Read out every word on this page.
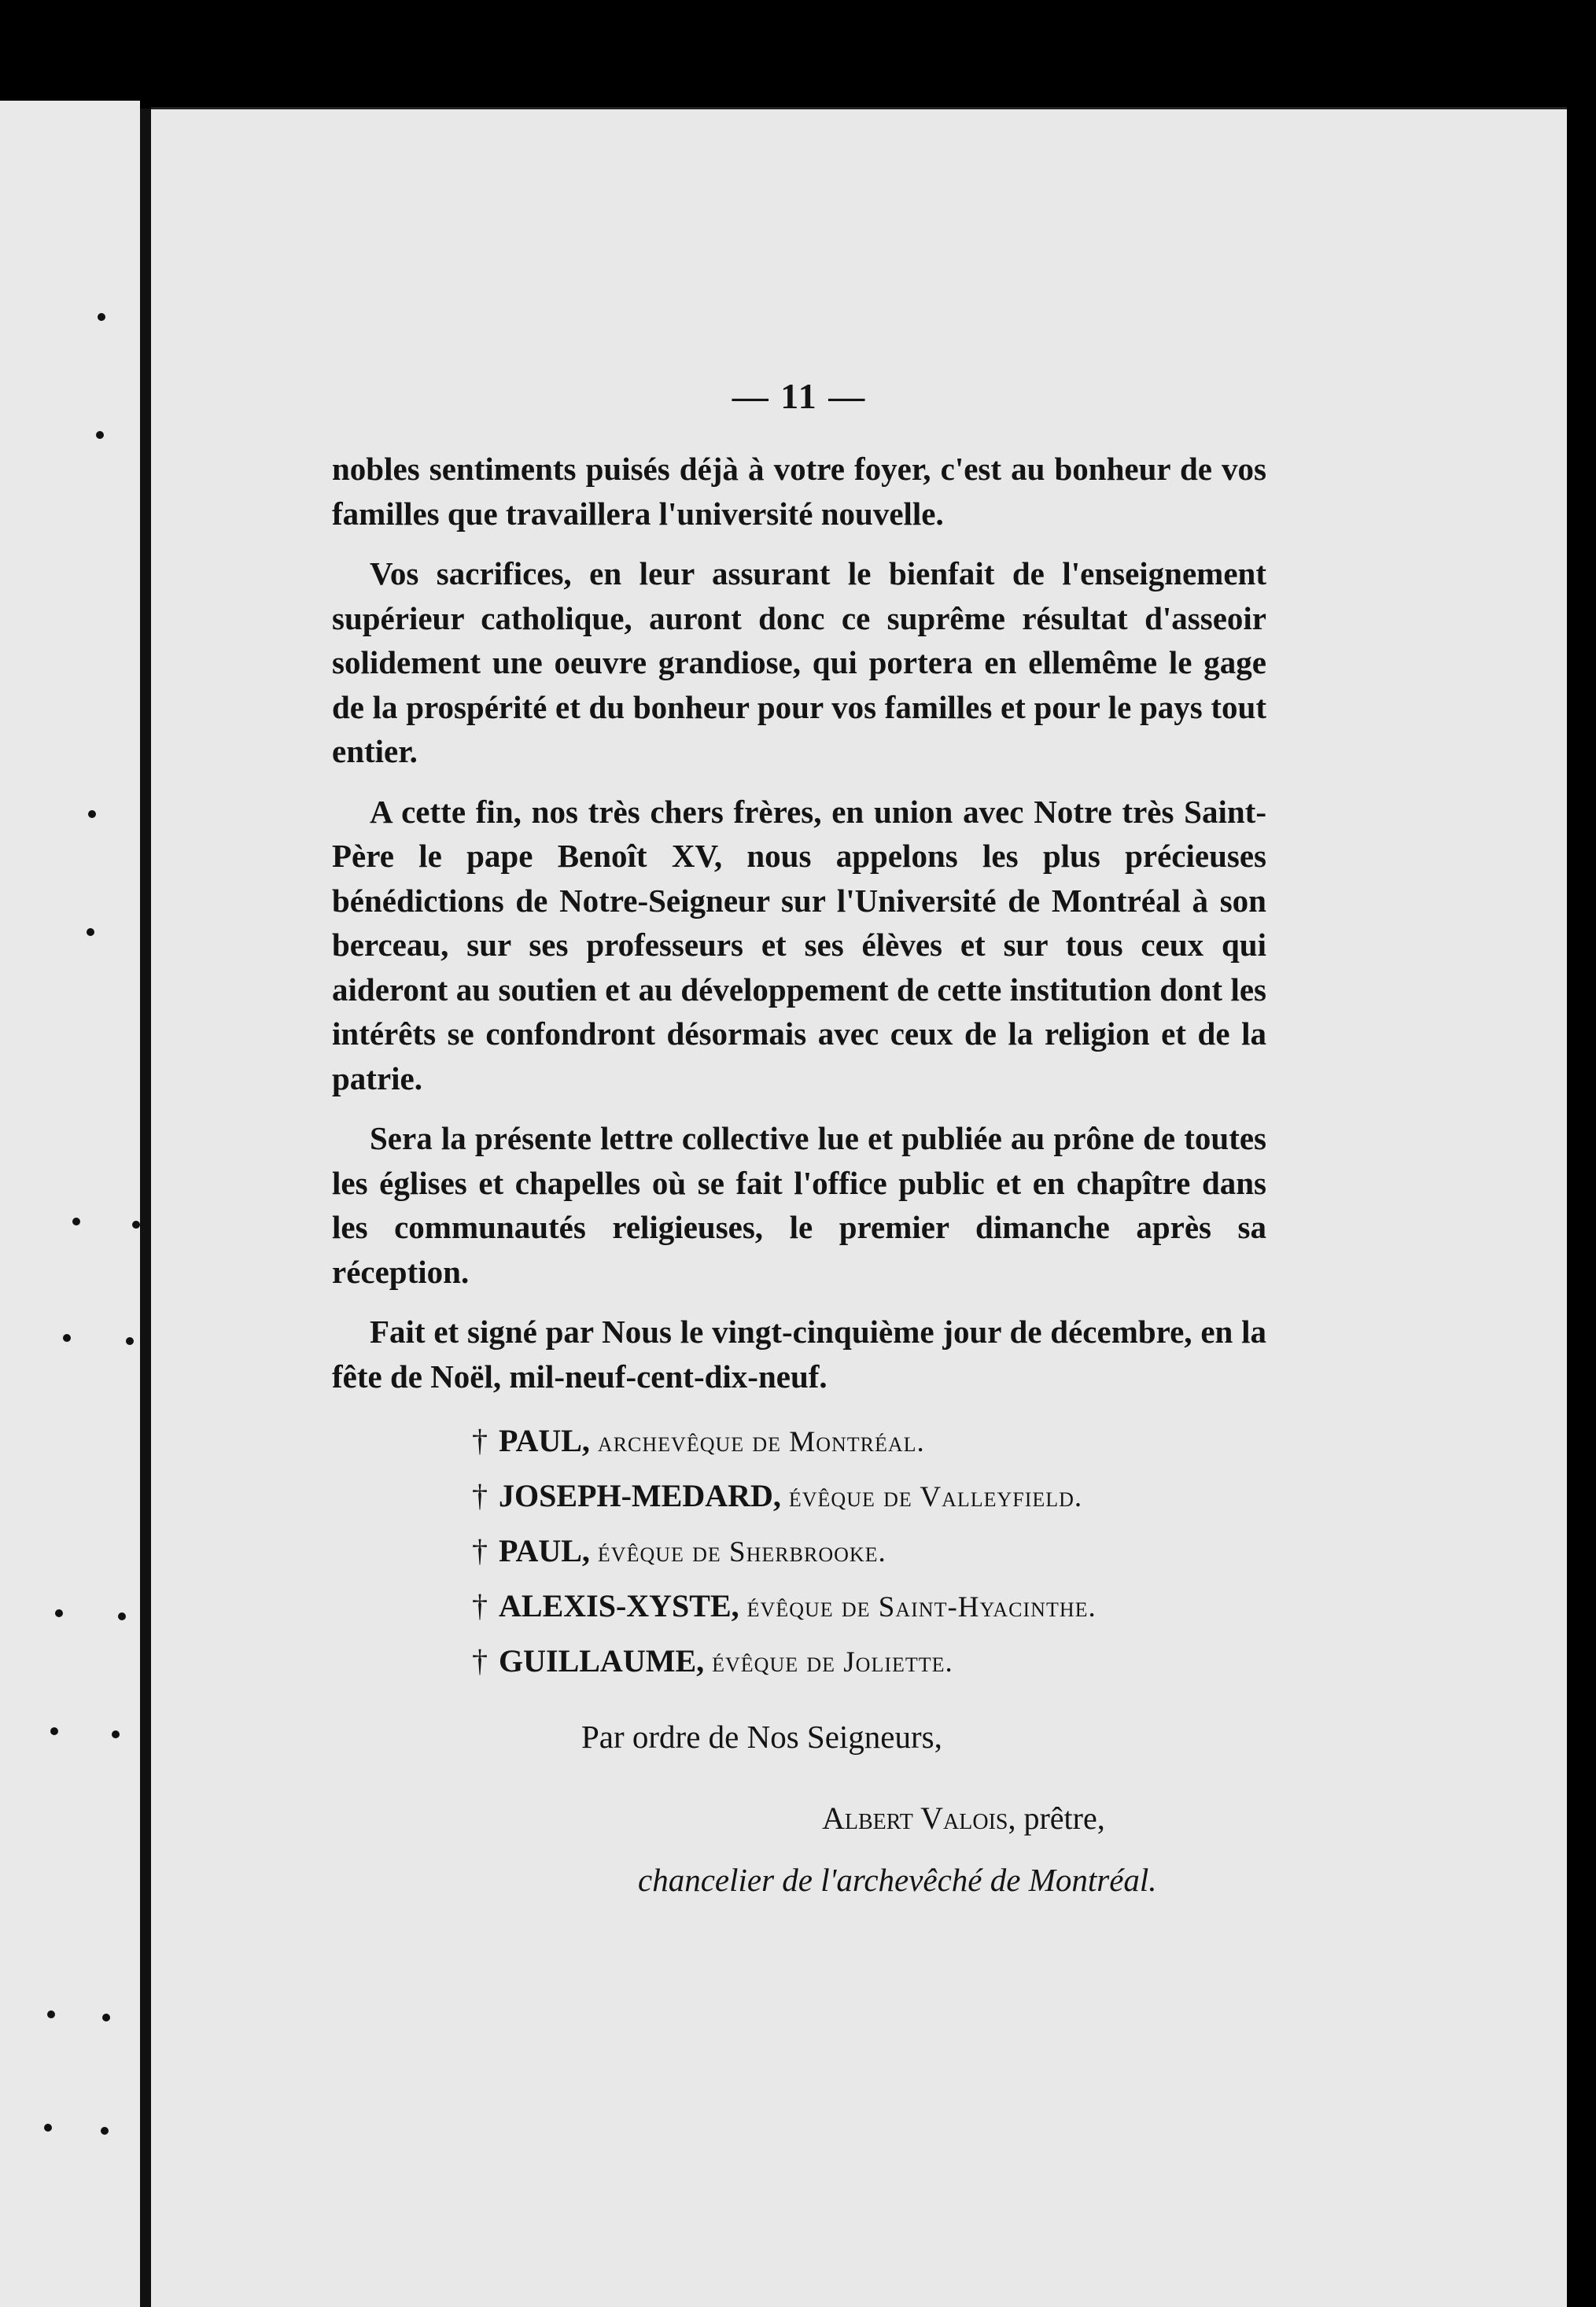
— 11 —

nobles sentiments puisés déjà à votre foyer, c'est au bonheur de vos familles que travaillera l'université nouvelle.

Vos sacrifices, en leur assurant le bienfait de l'enseignement supérieur catholique, auront donc ce suprême résultat d'asseoir solidement une oeuvre grandiose, qui portera en ellemême le gage de la prospérité et du bonheur pour vos familles et pour le pays tout entier.

A cette fin, nos très chers frères, en union avec Notre très Saint-Père le pape Benoît XV, nous appelons les plus précieuses bénédictions de Notre-Seigneur sur l'Université de Montréal à son berceau, sur ses professeurs et ses élèves et sur tous ceux qui aideront au soutien et au développement de cette institution dont les intérêts se confondront désormais avec ceux de la religion et de la patrie.

Sera la présente lettre collective lue et publiée au prône de toutes les églises et chapelles où se fait l'office public et en chapître dans les communautés religieuses, le premier dimanche après sa réception.

Fait et signé par Nous le vingt-cinquième jour de décembre, en la fête de Noël, mil-neuf-cent-dix-neuf.

† PAUL, archevêque de Montréal.
† JOSEPH-MEDARD, évêque de Valleyfield.
† PAUL, évêque de Sherbrooke.
† ALEXIS-XYSTE, évêque de Saint-Hyacinthe.
† GUILLAUME, évêque de Joliette.
Par ordre de Nos Seigneurs,
Albert Valois, prêtre,
chancelier de l'archevêché de Montréal.
